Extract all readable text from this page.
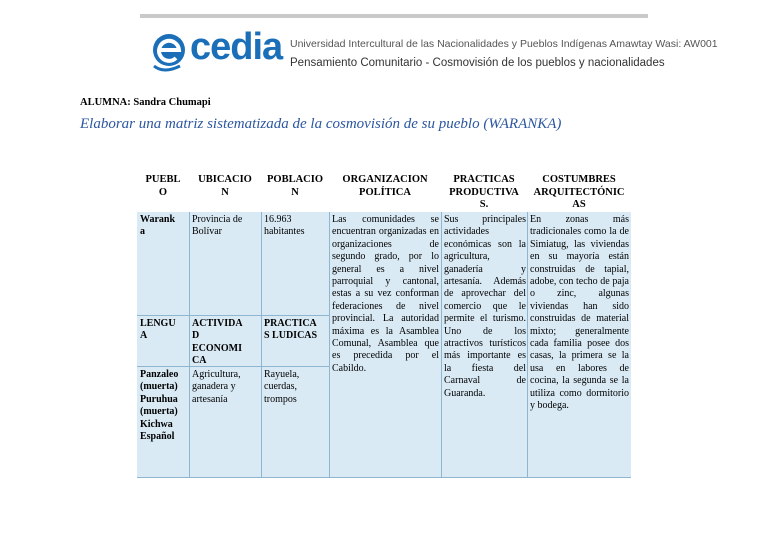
cedia Universidad Intercultural de las Nacionalidades y Pueblos Indígenas Amawtay Wasi: AW001
Pensamiento Comunitario - Cosmovisión de los pueblos y nacionalidades
ALUMNA: Sandra Chumapi
Elaborar una matriz sistematizada de la cosmovisión de su pueblo (WARANKA)
PUEBL
O
UBICACIÓ
N
POBLACIO
N
ORGANIZACIÓN
POLÍTICA
PRÁCTICAS
PRODUCTIVA
S.
COSTUMBRES
ARQUITECTÓNIC
AS
Warank
a
Provincia de
Bolívar
16.963
habitantes
LENGU
A
ACTIVIDA
D
ECONOMI
CA
PRACTICA
S LUDICAS
Panzaleo
(muerta)
Puruhua
(muerta)
Kichwa
Español
Agricultura,
ganadera y
artesanía
Rayuela,
cuerdas,
trompos
Las comunidades se encuentran organizadas en organizaciones de segundo grado, por lo general es a nivel parroquial y cantonal, estas a su vez conforman federaciones de nivel provincial. La autoridad máxima es la Asamblea Comunal, Asamblea que es precedida por el Cabildo.
Sus principales actividades económicas son la agricultura, ganadería y artesanía. Además de aprovechar del comercio que le permite el turismo. Uno de los atractivos turísticos más importante es la fiesta del Carnaval de Guaranda.
En zonas más tradicionales como la de Simiatug, las viviendas en su mayoría están construidas de tapial, adobe, con techo de paja o zinc, algunas viviendas han sido construidas de material mixto; generalmente cada familia posee dos casas, la primera se la usa en labores de cocina, la segunda se la utiliza como dormitorio y bodega.
